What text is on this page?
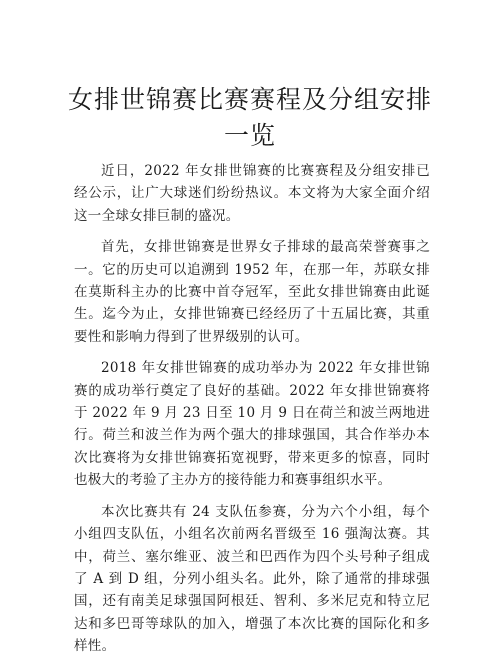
女排世锦赛比赛赛程及分组安排一览

近日，2022 年女排世锦赛的比赛赛程及分组安排已经公示，让广大球迷们纷纷热议。本文将为大家全面介绍这一全球女排巨制的盛况。

首先，女排世锦赛是世界女子排球的最高荣誉赛事之一。它的历史可以追溯到 1952 年，在那一年，苏联女排在莫斯科主办的比赛中首夺冠军，至此女排世锦赛由此诞生。迄今为止，女排世锦赛已经经历了十五届比赛，其重要性和影响力得到了世界级别的认可。

2018 年女排世锦赛的成功举办为 2022 年女排世锦赛的成功举行奠定了良好的基础。2022 年女排世锦赛将于 2022 年 9 月 23 日至 10 月 9 日在荷兰和波兰两地进行。荷兰和波兰作为两个强大的排球强国，其合作举办本次比赛将为女排世锦赛拓宽视野，带来更多的惊喜，同时也极大的考验了主办方的接待能力和赛事组织水平。

本次比赛共有 24 支队伍参赛，分为六个小组，每个小组四支队伍，小组名次前两名晋级至 16 强淘汰赛。其中，荷兰、塞尔维亚、波兰和巴西作为四个头号种子组成了 A 到 D 组，分列小组头名。此外，除了通常的排球强国，还有南美足球强国阿根廷、智利、多米尼克和特立尼达和多巴哥等球队的加入，增强了本次比赛的国际化和多样性。
